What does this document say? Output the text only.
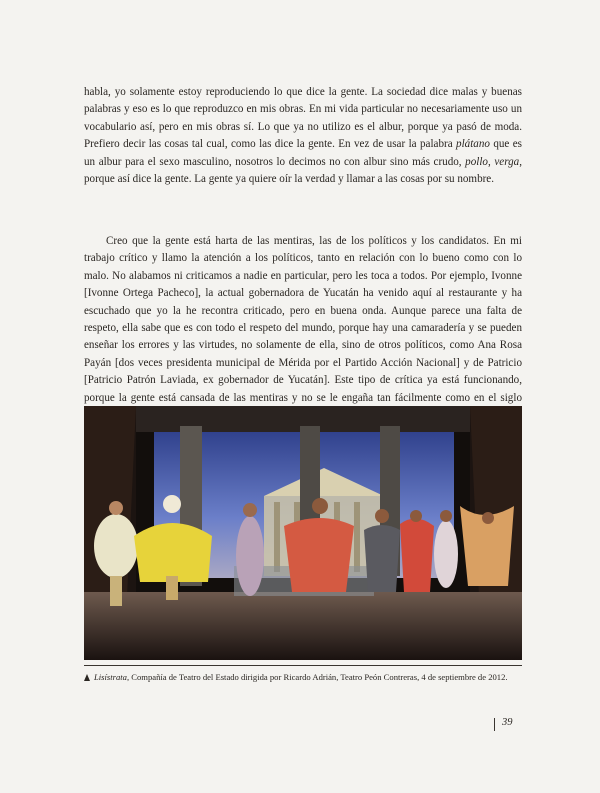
habla, yo solamente estoy reproduciendo lo que dice la gente. La sociedad dice malas y buenas palabras y eso es lo que reproduzco en mis obras. En mi vida particular no necesariamente uso un vocabulario así, pero en mis obras sí. Lo que ya no utilizo es el albur, porque ya pasó de moda. Prefiero decir las cosas tal cual, como las dice la gente. En vez de usar la palabra plátano que es un albur para el sexo masculino, nosotros lo decimos no con albur sino más crudo, pollo, verga, porque así dice la gente. La gente ya quiere oír la verdad y llamar a las cosas por su nombre.

Creo que la gente está harta de las mentiras, las de los políticos y los candidatos. En mi trabajo crítico y llamo la atención a los políticos, tanto en relación con lo bueno como con lo malo. No alabamos ni criticamos a nadie en particular, pero les toca a todos. Por ejemplo, Ivonne [Ivonne Ortega Pacheco], la actual gobernadora de Yucatán ha venido aquí al restaurante y ha escuchado que yo la he recontra criticado, pero en buena onda. Aunque parece una falta de respeto, ella sabe que es con todo el respeto del mundo, porque hay una camaradería y se pueden enseñar los errores y las virtudes, no solamente de ella, sino de otros políticos, como Ana Rosa Payán [dos veces presidenta municipal de Mérida por el Partido Acción Nacional] y de Patricio [Patricio Patrón Laviada, ex gobernador de Yucatán]. Este tipo de crítica ya está funcionando, porque la gente está cansada de las mentiras y no se le engaña tan fácilmente como en el siglo

Lisístrata, Compañía de Teatro del Estado dirigida por Ricardo Adrián, Teatro Peón Contreras, 4 de septiembre de 2012.

39
